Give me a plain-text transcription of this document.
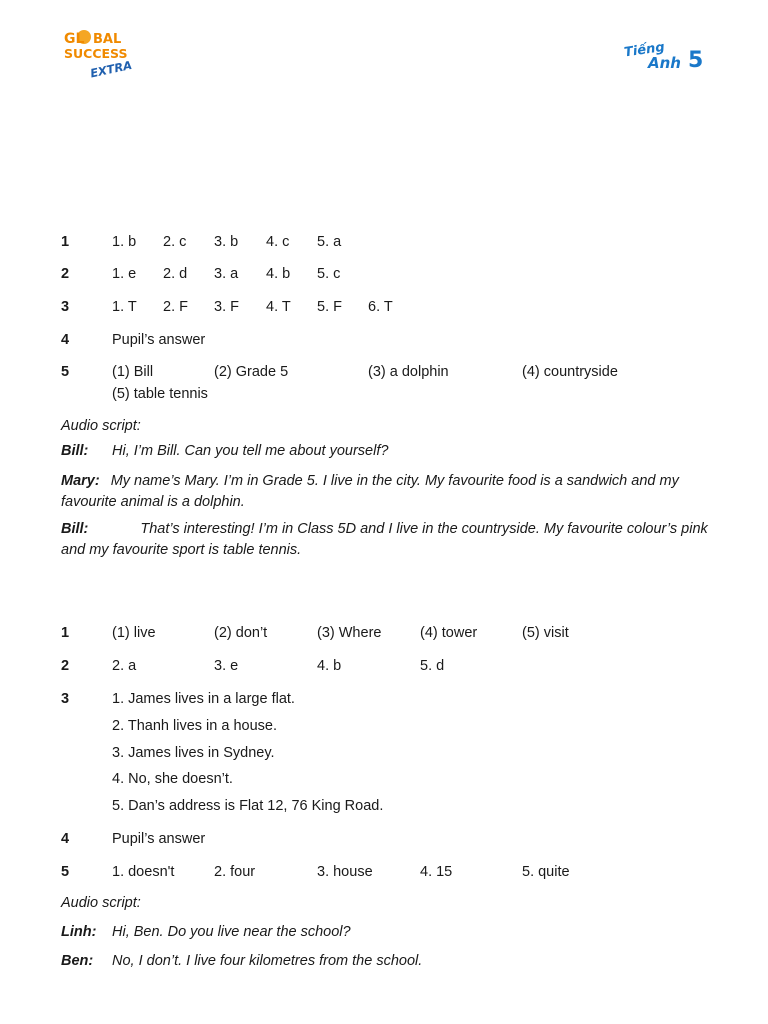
GL BAL
SUCCESS
EXTRA
Tiếng
Anh 5
1	1. b 2. c 3. b 4. c 5. a
2	1. e 2. d 3. a 4. b 5. c
3	1. T 2. F 3. F 4. T 5. F 6. T
4	Pupil’s answer
5	(1) Bill	(2) Grade 5	(3) a dolphin	(4) countryside
(5) table tennis
Audio script:
Bill: Hi, I’m Bill. Can you tell me about yourself?
Mary: My name’s Mary. I’m in Grade 5. I live in the city. My favourite food is a sandwich and my favourite animal is a dolphin.
Bill:	That’s interesting! I’m in Class 5D and I live in the countryside. My favourite colour’s pink and my favourite sport is table tennis.
1	(1) live	(2) don’t	(3) Where	(4) tower	(5) visit
2	2. a	3. e	4. b	5. d
3	1. James lives in a large flat.
2. Thanh lives in a house.
3. James lives in Sydney.
4. No, she doesn’t.
5. Dan’s address is Flat 12, 76 King Road.
4	Pupil’s answer
5	1. doesn't	2. four	3. house	4. 15	5. quite
Audio script:
Linh: Hi, Ben. Do you live near the school?
Ben: No, I don’t. I live four kilometres from the school.
